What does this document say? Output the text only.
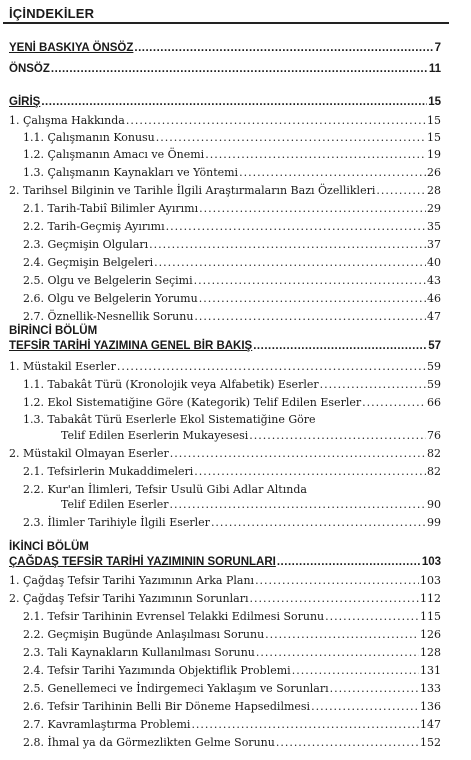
İÇİNDEKİLER
YENİ BASKIYA ÖNSÖZ .....	7
ÖNSÖZ .....	11
GİRİŞ .....	15
1. Çalışma Hakkında .....	15
1.1. Çalışmanın Konusu .....	15
1.2. Çalışmanın Amacı ve Önemi .....	19
1.3. Çalışmanın Kaynakları ve Yöntemi .....	26
2. Tarihsel Bilginin ve Tarihle İlgili Araştırmaların Bazı Özellikleri .....	28
2.1. Tarih-Tabiî Bilimler Ayırımı .....	29
2.2. Tarih-Geçmiş Ayırımı .....	35
2.3. Geçmişin Olguları .....	37
2.4. Geçmişin Belgeleri .....	40
2.5. Olgu ve Belgelerin Seçimi .....	43
2.6. Olgu ve Belgelerin Yorumu .....	46
2.7. Öznellik-Nesnellik Sorunu .....	47
BİRİNCİ BÖLÜM
TEFSİR TARİHİ YAZIMINA GENEL BİR BAKIŞ .....	57
1. Müstakil Eserler .....	59
1.1. Tabakât Türü (Kronolojik veya Alfabetik) Eserler .....	59
1.2. Ekol Sistematiğine Göre (Kategorik) Telif Edilen Eserler .....	66
1.3. Tabakât Türü Eserlerle Ekol Sistematiğine Göre
Telif Edilen Eserlerin Mukayesesi .....	76
2. Müstakil Olmayan Eserler .....	82
2.1. Tefsirlerin Mukaddimeleri .....	82
2.2. Kur'an İlimleri, Tefsir Usulü Gibi Adlar Altında
Telif Edilen Eserler .....	90
2.3. İlimler Tarihiyle İlgili Eserler .....	99
İKİNCİ BÖLÜM
ÇAĞDAŞ TEFSİR TARİHİ YAZIMININ SORUNLARI .....	103
1. Çağdaş Tefsir Tarihi Yazımının Arka Planı .....	103
2. Çağdaş Tefsir Tarihi Yazımının Sorunları .....	112
2.1. Tefsir Tarihinin Evrensel Telakki Edilmesi Sorunu .....	115
2.2. Geçmişin Bugünde Anlaşılması Sorunu .....	126
2.3. Tali Kaynakların Kullanılması Sorunu .....	128
2.4. Tefsir Tarihi Yazımında Objektiflik Problemi .....	131
2.5. Genellemeci ve İndirgemeci Yaklaşım ve Sorunları .....	133
2.6. Tefsir Tarihinin Belli Bir Döneme Hapsedilmesi .....	136
2.7. Kavramlaştırma Problemi .....	147
2.8. İhmal ya da Görmezlikten Gelme Sorunu .....	152
